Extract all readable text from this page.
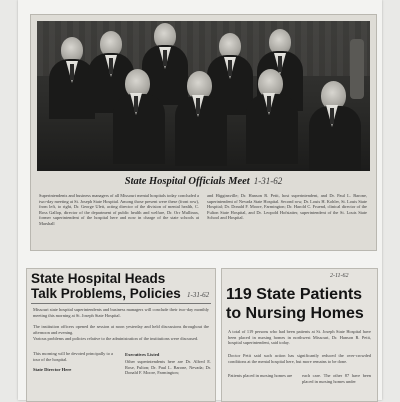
State Hospital Officials Meet 1-31-62
Superintendents and business managers of all Missouri mental hospitals today concluded a two-day meeting at St. Joseph State Hospital. Among those present were these (front row), from left, to right, Dr. George Ulett, acting director of the division of mental health, C. Ross Gallop, director of the department of public health and welfare, Dr. Orr Mullinax, former superintendent of the hospital here and now in charge of the state schools at Marshall
and Higginsville; Dr. Hanson R. Petit, host superintendent, and Dr. Paul L. Barone, superintendent of Nevada State Hospital. Second row, Dr. Louis H. Kohler, St. Louis State Hospital; Dr. Donald F. Moore, Farmington; Dr. Harold C. Fruend, clinical director of the Fulton State Hospital, and Dr. Leopold Hofstatter, superintendent of the St. Louis State School and Hospital.
State Hospital Heads
Talk Problems, Policies 1-31-62
Missouri state hospital superintendents and business managers will conclude their two-day monthly meeting this morning at St. Joseph State Hospital.
The institution officers opened the session at noon yesterday and held discussions throughout the afternoon and evening.
Various problems and policies relative to the administration of the institutions were discussed.
This morning will be devoted principally to a tour of the hospital.
State Director Here
Executives Listed
Other superintendents here are Dr. Alfred E. Rose, Fulton; Dr. Paul L. Barone, Nevada; Dr. Donald F. Moore, Farmington;
2-11-62
119 State Patients to Nursing Homes
A total of 119 persons who had been patients at St. Joseph State Hospital have been placed in nursing homes in northwest Missouri, Dr. Hanson R. Petit, hospital superintendent, said today.
Doctor Petit said such action has significantly reduced the over-crowded conditions at the mental hospital here, but more remains to be done.
Patients placed in nursing homes are	each care. The other 87 have been placed in nursing homes under
